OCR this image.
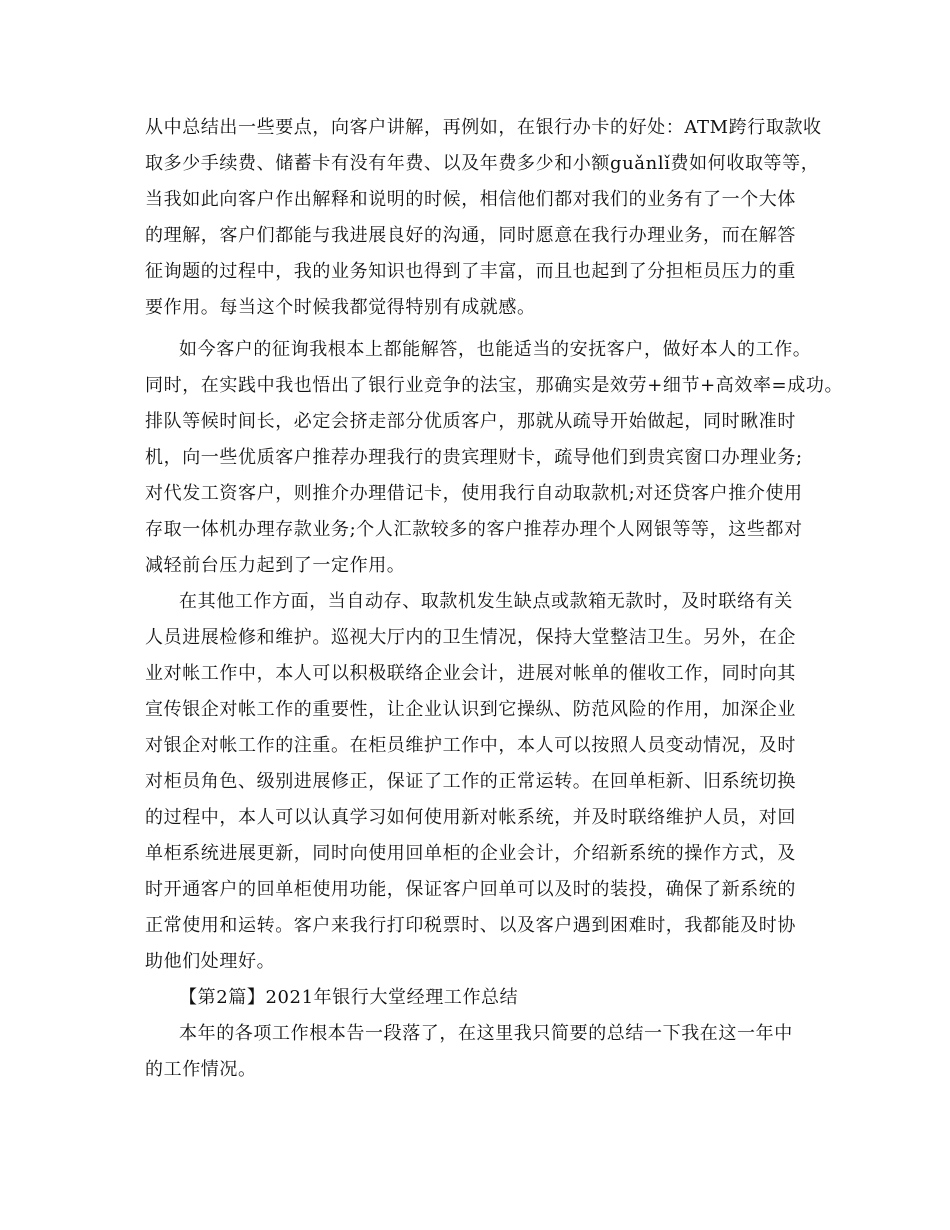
从中总结出一些要点，向客户讲解，再例如，在银行办卡的好处：ATM跨行取款收
取多少手续费、储蓄卡有没有年费、以及年费多少和小额guǎnlǐ费如何收取等等，
当我如此向客户作出解释和说明的时候，相信他们都对我们的业务有了一个大体
的理解，客户们都能与我进展良好的沟通，同时愿意在我行办理业务，而在解答
征询题的过程中，我的业务知识也得到了丰富，而且也起到了分担柜员压力的重
要作用。每当这个时候我都觉得特别有成就感。
如今客户的征询我根本上都能解答，也能适当的安抚客户，做好本人的工作。
同时，在实践中我也悟出了银行业竞争的法宝，那确实是效劳+细节+高效率=成功。
排队等候时间长，必定会挤走部分优质客户，那就从疏导开始做起，同时瞅准时
机，向一些优质客户推荐办理我行的贵宾理财卡，疏导他们到贵宾窗口办理业务;
对代发工资客户，则推介办理借记卡，使用我行自动取款机;对还贷客户推介使用
存取一体机办理存款业务;个人汇款较多的客户推荐办理个人网银等等，这些都对
减轻前台压力起到了一定作用。
在其他工作方面，当自动存、取款机发生缺点或款箱无款时，及时联络有关
人员进展检修和维护。巡视大厅内的卫生情况，保持大堂整洁卫生。另外，在企
业对帐工作中，本人可以积极联络企业会计，进展对帐单的催收工作，同时向其
宣传银企对帐工作的重要性，让企业认识到它操纵、防范风险的作用，加深企业
对银企对帐工作的注重。在柜员维护工作中，本人可以按照人员变动情况，及时
对柜员角色、级别进展修正，保证了工作的正常运转。在回单柜新、旧系统切换
的过程中，本人可以认真学习如何使用新对帐系统，并及时联络维护人员，对回
单柜系统进展更新，同时向使用回单柜的企业会计，介绍新系统的操作方式，及
时开通客户的回单柜使用功能，保证客户回单可以及时的装投，确保了新系统的
正常使用和运转。客户来我行打印税票时、以及客户遇到困难时，我都能及时协
助他们处理好。
【第2篇】2021年银行大堂经理工作总结
本年的各项工作根本告一段落了，在这里我只简要的总结一下我在这一年中
的工作情况。
